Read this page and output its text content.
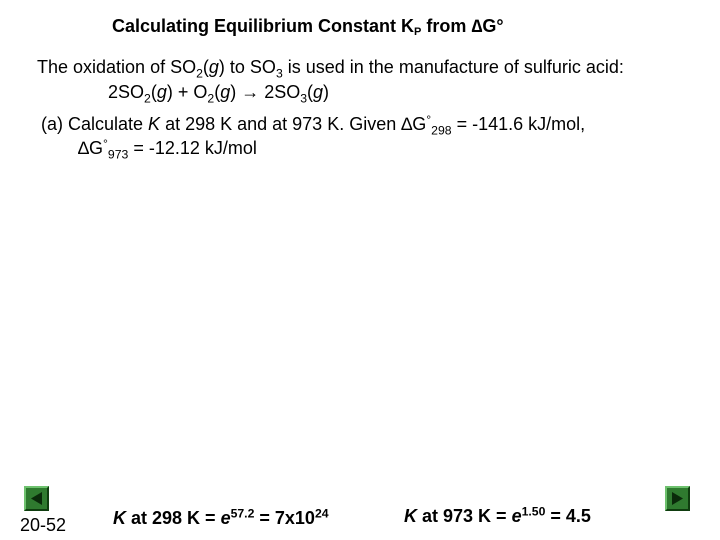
Calculating Equilibrium Constant $K_P$ from ∆G°
The oxidation of $SO_2(g)$ to $SO_3$ is used in the manufacture of sulfuric acid:
$2SO_2(g) + O_2(g) \to 2SO_3(g)$
(a) Calculate K at 298 K and at 973 K. Given $\Delta G^\circ_{298} = -141.6$ kJ/mol,
$\Delta G^\circ_{973} = -12.12$ kJ/mol
20-52	K at 298 $K = e^{57.2} = 7x10^{24}$	K at 973 $K = e^{1.50} = 4.5$
